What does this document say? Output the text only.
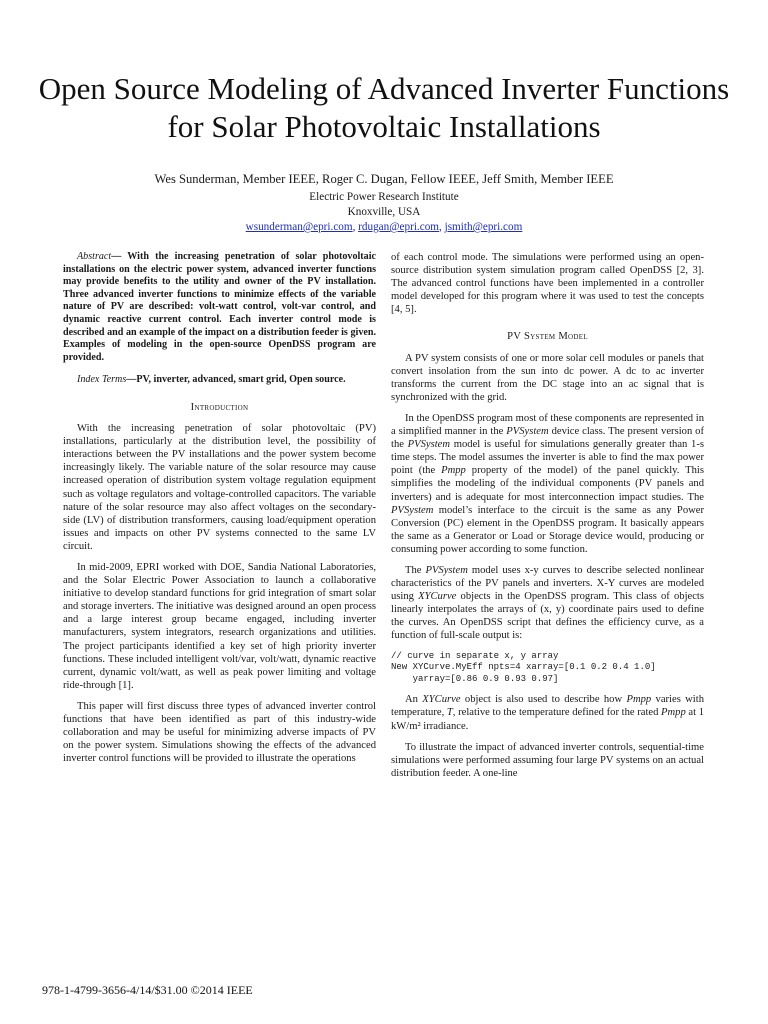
Open Source Modeling of Advanced Inverter Functions for Solar Photovoltaic Installations
Wes Sunderman, Member IEEE, Roger C. Dugan, Fellow IEEE, Jeff Smith, Member IEEE
Electric Power Research Institute
Knoxville, USA
wsunderman@epri.com, rdugan@epri.com, jsmith@epri.com

Abstract— With the increasing penetration of solar photovoltaic installations on the electric power system, advanced inverter functions may provide benefits to the utility and owner of the PV installation. Three advanced inverter functions to minimize effects of the variable nature of PV are described: volt-watt control, volt-var control, and dynamic reactive current control. Each inverter control mode is described and an example of the impact on a distribution feeder is given. Examples of modeling in the open-source OpenDSS program are provided.

Index Terms—PV, inverter, advanced, smart grid, Open source.

Introduction

With the increasing penetration of solar photovoltaic (PV) installations, particularly at the distribution level, the possibility of interactions between the PV installations and the power system become increasingly likely. The variable nature of the solar resource may cause increased operation of distribution system voltage regulation equipment such as voltage regulators and voltage-controlled capacitors. The variable nature of the solar resource may also affect voltages on the secondary-side (LV) of distribution transformers, causing load/equipment operation issues and impacts on other PV systems connected to the same LV circuit.

In mid-2009, EPRI worked with DOE, Sandia National Laboratories, and the Solar Electric Power Association to launch a collaborative initiative to develop standard functions for grid integration of smart solar and storage inverters. The initiative was designed around an open process and a large interest group became engaged, including inverter manufacturers, system integrators, research organizations and utilities. The project participants identified a key set of high priority inverter functions. These included intelligent volt/var, volt/watt, dynamic reactive current, dynamic volt/watt, as well as peak power limiting and voltage ride-through [1].

This paper will first discuss three types of advanced inverter control functions that have been identified as part of this industry-wide collaboration and may be useful for minimizing adverse impacts of PV on the power system. Simulations showing the effects of the advanced inverter control functions will be provided to illustrate the operations

of each control mode. The simulations were performed using an open-source distribution system simulation program called OpenDSS [2, 3]. The advanced control functions have been implemented in a controller model developed for this program where it was used to test the concepts [4, 5].

PV System Model

A PV system consists of one or more solar cell modules or panels that convert insolation from the sun into dc power. A dc to ac inverter transforms the current from the DC stage into an ac signal that is synchronized with the grid.

In the OpenDSS program most of these components are represented in a simplified manner in the PVSystem device class. The present version of the PVSystem model is useful for simulations generally greater than 1-s time steps. The model assumes the inverter is able to find the max power point (the Pmpp property of the model) of the panel quickly. This simplifies the modeling of the individual components (PV panels and inverters) and is adequate for most interconnection impact studies. The PVSystem model’s interface to the circuit is the same as any Power Conversion (PC) element in the OpenDSS program. It basically appears the same as a Generator or Load or Storage device would, producing or consuming power according to some function.

The PVSystem model uses x-y curves to describe selected nonlinear characteristics of the PV panels and inverters. X-Y curves are modeled using XYCurve objects in the OpenDSS program. This class of objects linearly interpolates the arrays of (x, y) coordinate pairs used to define the curves. An OpenDSS script that defines the efficiency curve, as a function of full-scale output is:

// curve in separate x, y array
New XYCurve.MyEff npts=4 xarray=[0.1 0.2 0.4 1.0]
yarray=[0.86 0.9 0.93 0.97]

An XYCurve object is also used to describe how Pmpp varies with temperature, T, relative to the temperature defined for the rated Pmpp at 1 kW/m² irradiance.

To illustrate the impact of advanced inverter controls, sequential-time simulations were performed assuming four large PV systems on an actual distribution feeder. A one-line

978-1-4799-3656-4/14/$31.00 ©2014 IEEE
